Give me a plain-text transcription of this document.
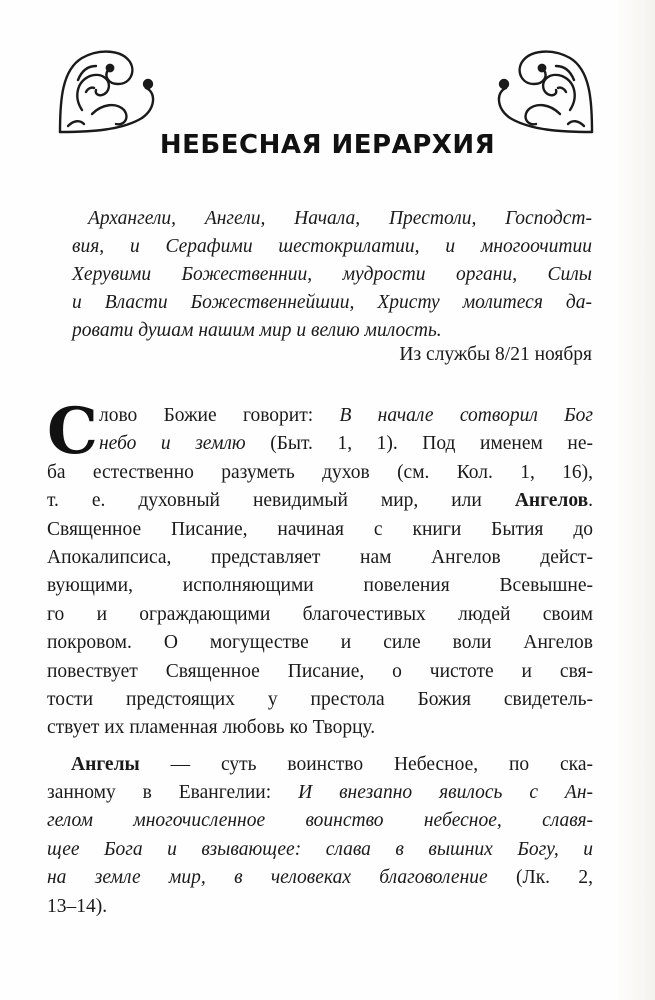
НЕБЕСНАЯ ИЕРАРХИЯ
Архангели, Ангели, Начала, Престоли, Господст-
вия, и Серафими шестокрилатии, и многоочитии
Херувими Божественнии, мудрости органи, Силы
и Власти Божественнейшии, Христу молитеся да-
ровати душам нашим мир и велию милость.
Из службы 8/21 ноября
С лово Божие говорит: В начале сотворил Бог
небо и землю (Быт. 1, 1). Под именем не-
ба естественно разуметь духов (см. Кол. 1, 16),
т. е. духовный невидимый мир, или Ангелов.
Священное Писание, начиная с книги Бытия до
Апокалипсиса, представляет нам Ангелов дейст-
вующими, исполняющими повеления Всевышне-
го и ограждающими благочестивых людей своим
покровом. О могуществе и силе воли Ангелов
повествует Священное Писание, о чистоте и свя-
тости предстоящих у престола Божия свидетель-
ствует их пламенная любовь ко Творцу.
Ангелы — суть воинство Небесное, по ска-
занному в Евангелии: И внезапно явилось с Ан-
гелом многочисленное воинство небесное, славя-
щее Бога и взывающее: слава в вышних Богу, и
на земле мир, в человеках благоволение (Лк. 2,
13–14).
